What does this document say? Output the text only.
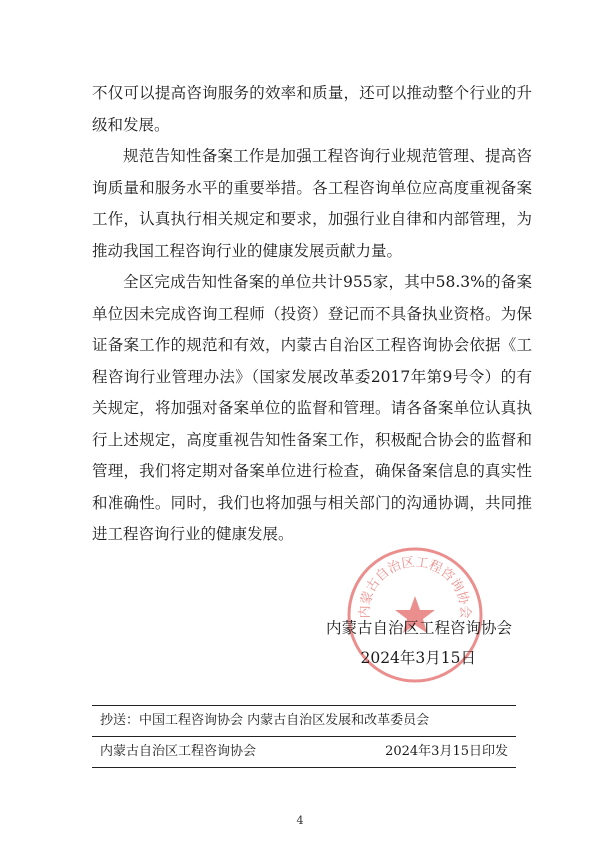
不仅可以提高咨询服务的效率和质量，还可以推动整个行业的升级和发展。

规范告知性备案工作是加强工程咨询行业规范管理、提高咨询质量和服务水平的重要举措。各工程咨询单位应高度重视备案工作，认真执行相关规定和要求，加强行业自律和内部管理，为推动我国工程咨询行业的健康发展贡献力量。

全区完成告知性备案的单位共计955家，其中58.3%的备案单位因未完成咨询工程师（投资）登记而不具备执业资格。为保证备案工作的规范和有效，内蒙古自治区工程咨询协会依据《工程咨询行业管理办法》（国家发展改革委2017年第9号令）的有关规定，将加强对备案单位的监督和管理。请各备案单位认真执行上述规定，高度重视告知性备案工作，积极配合协会的监督和管理，我们将定期对备案单位进行检查，确保备案信息的真实性和准确性。同时，我们也将加强与相关部门的沟通协调，共同推进工程咨询行业的健康发展。

内蒙古自治区工程咨询协会
内蒙古自治区工程咨询协会
2024年3月15日
抄送：中国工程咨询协会 内蒙古自治区发展和改革委员会
内蒙古自治区工程咨询协会	2024年3月15日印发
4
